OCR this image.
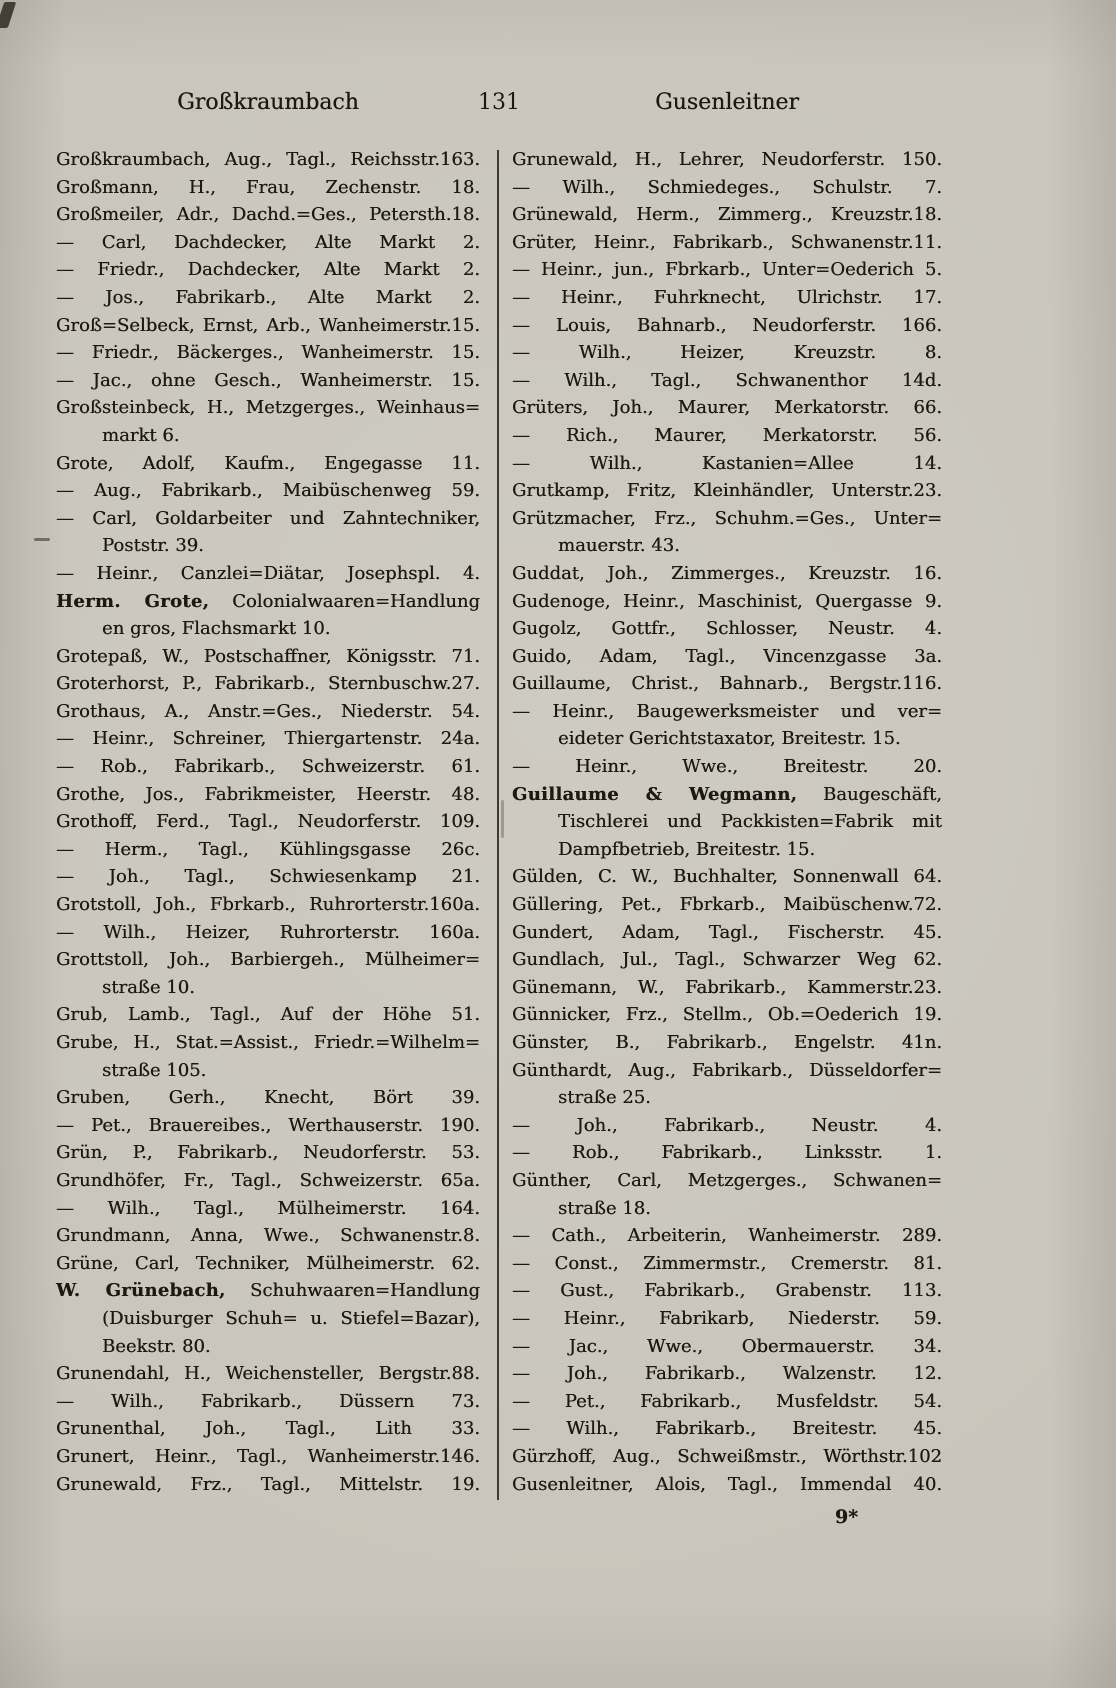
Großkraumbach	131	Gusenleitner
Großkraumbach, Aug., Tagl., Reichsstr.163.
Großmann, H., Frau, Zechenstr. 18.
Großmeiler, Adr., Dachd.=Ges., Petersth.18.
— Carl, Dachdecker, Alte Markt 2.
— Friedr., Dachdecker, Alte Markt 2.
— Jos., Fabrikarb., Alte Markt 2.
Groß=Selbeck, Ernst, Arb., Wanheimerstr.15.
— Friedr., Bäckerges., Wanheimerstr. 15.
— Jac., ohne Gesch., Wanheimerstr. 15.
Großsteinbeck, H., Metzgerges., Weinhaus=
markt 6.
Grote, Adolf, Kaufm., Engegasse 11.
— Aug., Fabrikarb., Maibüschenweg 59.
— Carl, Goldarbeiter und Zahntechniker,
Poststr. 39.
— Heinr., Canzlei=Diätar, Josephspl. 4.
Herm. Grote, Colonialwaaren=Handlung
en gros, Flachsmarkt 10.
Grotepaß, W., Postschaffner, Königsstr. 71.
Groterhorst, P., Fabrikarb., Sternbuschw.27.
Grothaus, A., Anstr.=Ges., Niederstr. 54.
— Heinr., Schreiner, Thiergartenstr. 24a.
— Rob., Fabrikarb., Schweizerstr. 61.
Grothe, Jos., Fabrikmeister, Heerstr. 48.
Grothoff, Ferd., Tagl., Neudorferstr. 109.
— Herm., Tagl., Kühlingsgasse 26c.
— Joh., Tagl., Schwiesenkamp 21.
Grotstoll, Joh., Fbrkarb., Ruhrorterstr.160a.
— Wilh., Heizer, Ruhrorterstr. 160a.
Grottstoll, Joh., Barbiergeh., Mülheimer=
straße 10.
Grub, Lamb., Tagl., Auf der Höhe 51.
Grube, H., Stat.=Assist., Friedr.=Wilhelm=
straße 105.
Gruben, Gerh., Knecht, Bört 39.
— Pet., Brauereibes., Werthauserstr. 190.
Grün, P., Fabrikarb., Neudorferstr. 53.
Grundhöfer, Fr., Tagl., Schweizerstr. 65a.
— Wilh., Tagl., Mülheimerstr. 164.
Grundmann, Anna, Wwe., Schwanenstr.8.
Grüne, Carl, Techniker, Mülheimerstr. 62.
W. Grünebach, Schuhwaaren=Handlung
(Duisburger Schuh= u. Stiefel=Bazar),
Beekstr. 80.
Grunendahl, H., Weichensteller, Bergstr.88.
— Wilh., Fabrikarb., Düssern 73.
Grunenthal, Joh., Tagl., Lith 33.
Grunert, Heinr., Tagl., Wanheimerstr.146.
Grunewald, Frz., Tagl., Mittelstr. 19.
Grunewald, H., Lehrer, Neudorferstr. 150.
— Wilh., Schmiedeges., Schulstr. 7.
Grünewald, Herm., Zimmerg., Kreuzstr.18.
Grüter, Heinr., Fabrikarb., Schwanenstr.11.
— Heinr., jun., Fbrkarb., Unter=Oederich 5.
— Heinr., Fuhrknecht, Ulrichstr. 17.
— Louis, Bahnarb., Neudorferstr. 166.
— Wilh., Heizer, Kreuzstr. 8.
— Wilh., Tagl., Schwanenthor 14d.
Grüters, Joh., Maurer, Merkatorstr. 66.
— Rich., Maurer, Merkatorstr. 56.
— Wilh., Kastanien=Allee 14.
Grutkamp, Fritz, Kleinhändler, Unterstr.23.
Grützmacher, Frz., Schuhm.=Ges., Unter=
mauerstr. 43.
Guddat, Joh., Zimmerges., Kreuzstr. 16.
Gudenoge, Heinr., Maschinist, Quergasse 9.
Gugolz, Gottfr., Schlosser, Neustr. 4.
Guido, Adam, Tagl., Vincenzgasse 3a.
Guillaume, Christ., Bahnarb., Bergstr.116.
— Heinr., Baugewerksmeister und ver=
eideter Gerichtstaxator, Breitestr. 15.
— Heinr., Wwe., Breitestr. 20.
Guillaume & Wegmann, Baugeschäft,
Tischlerei und Packkisten=Fabrik mit
Dampfbetrieb, Breitestr. 15.
Gülden, C. W., Buchhalter, Sonnenwall 64.
Güllering, Pet., Fbrkarb., Maibüschenw.72.
Gundert, Adam, Tagl., Fischerstr. 45.
Gundlach, Jul., Tagl., Schwarzer Weg 62.
Günemann, W., Fabrikarb., Kammerstr.23.
Günnicker, Frz., Stellm., Ob.=Oederich 19.
Günster, B., Fabrikarb., Engelstr. 41n.
Günthardt, Aug., Fabrikarb., Düsseldorfer=
straße 25.
— Joh., Fabrikarb., Neustr. 4.
— Rob., Fabrikarb., Linksstr. 1.
Günther, Carl, Metzgerges., Schwanen=
straße 18.
— Cath., Arbeiterin, Wanheimerstr. 289.
— Const., Zimmermstr., Cremerstr. 81.
— Gust., Fabrikarb., Grabenstr. 113.
— Heinr., Fabrikarb, Niederstr. 59.
— Jac., Wwe., Obermauerstr. 34.
— Joh., Fabrikarb., Walzenstr. 12.
— Pet., Fabrikarb., Musfeldstr. 54.
— Wilh., Fabrikarb., Breitestr. 45.
Gürzhoff, Aug., Schweißmstr., Wörthstr.102
Gusenleitner, Alois, Tagl., Immendal 40.
9*
